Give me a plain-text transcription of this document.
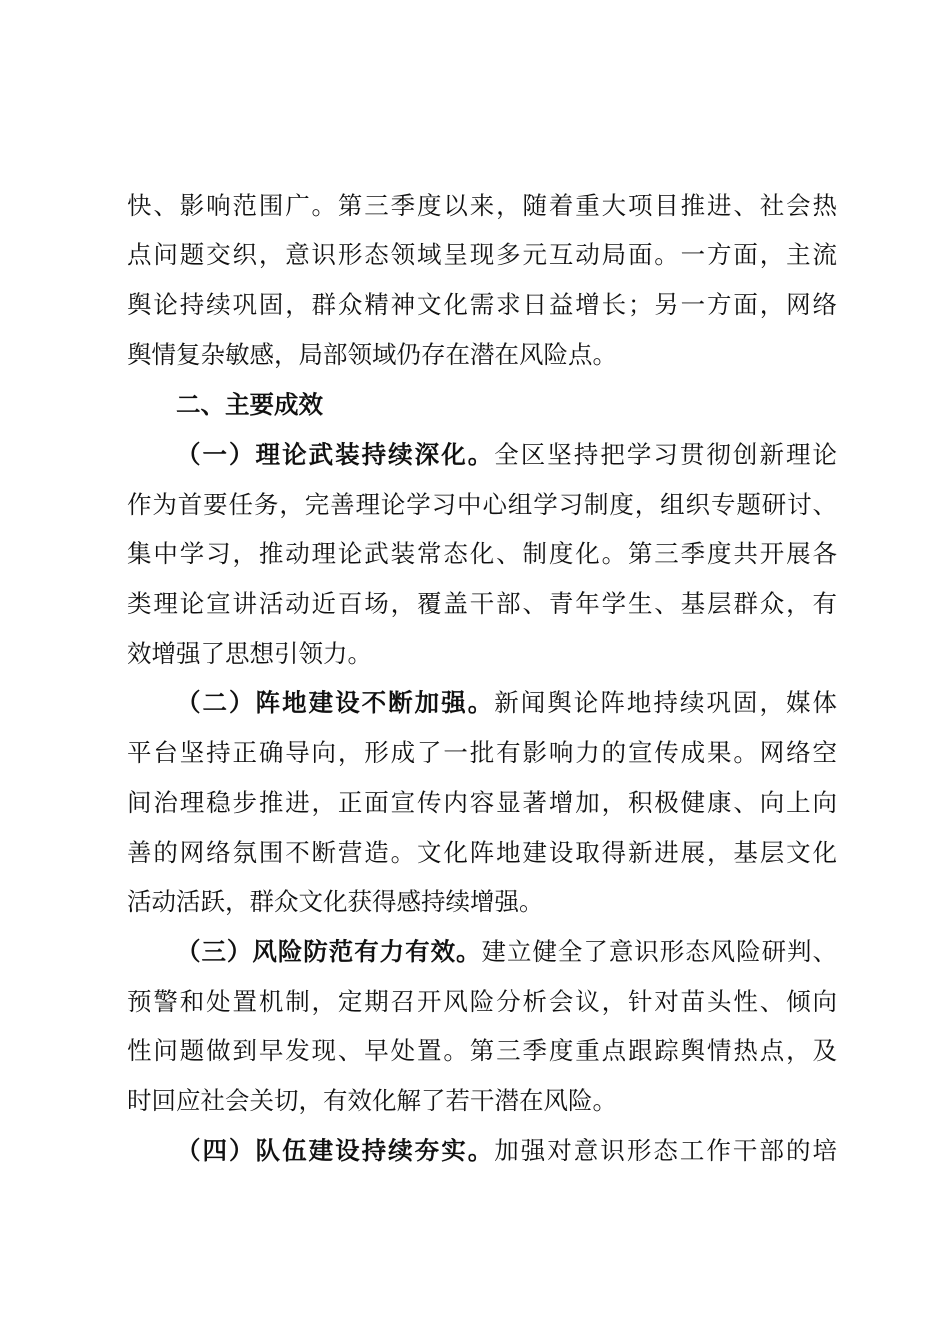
快、影响范围广。第三季度以来，随着重大项目推进、社会热
点问题交织，意识形态领域呈现多元互动局面。一方面，主流
舆论持续巩固，群众精神文化需求日益增长；另一方面，网络
舆情复杂敏感，局部领域仍存在潜在风险点。
二、主要成效
（一）理论武装持续深化。全区坚持把学习贯彻创新理论
作为首要任务，完善理论学习中心组学习制度，组织专题研讨、
集中学习，推动理论武装常态化、制度化。第三季度共开展各
类理论宣讲活动近百场，覆盖干部、青年学生、基层群众，有
效增强了思想引领力。
（二）阵地建设不断加强。新闻舆论阵地持续巩固，媒体
平台坚持正确导向，形成了一批有影响力的宣传成果。网络空
间治理稳步推进，正面宣传内容显著增加，积极健康、向上向
善的网络氛围不断营造。文化阵地建设取得新进展，基层文化
活动活跃，群众文化获得感持续增强。
（三）风险防范有力有效。建立健全了意识形态风险研判、
预警和处置机制，定期召开风险分析会议，针对苗头性、倾向
性问题做到早发现、早处置。第三季度重点跟踪舆情热点，及
时回应社会关切，有效化解了若干潜在风险。
（四）队伍建设持续夯实。加强对意识形态工作干部的培
